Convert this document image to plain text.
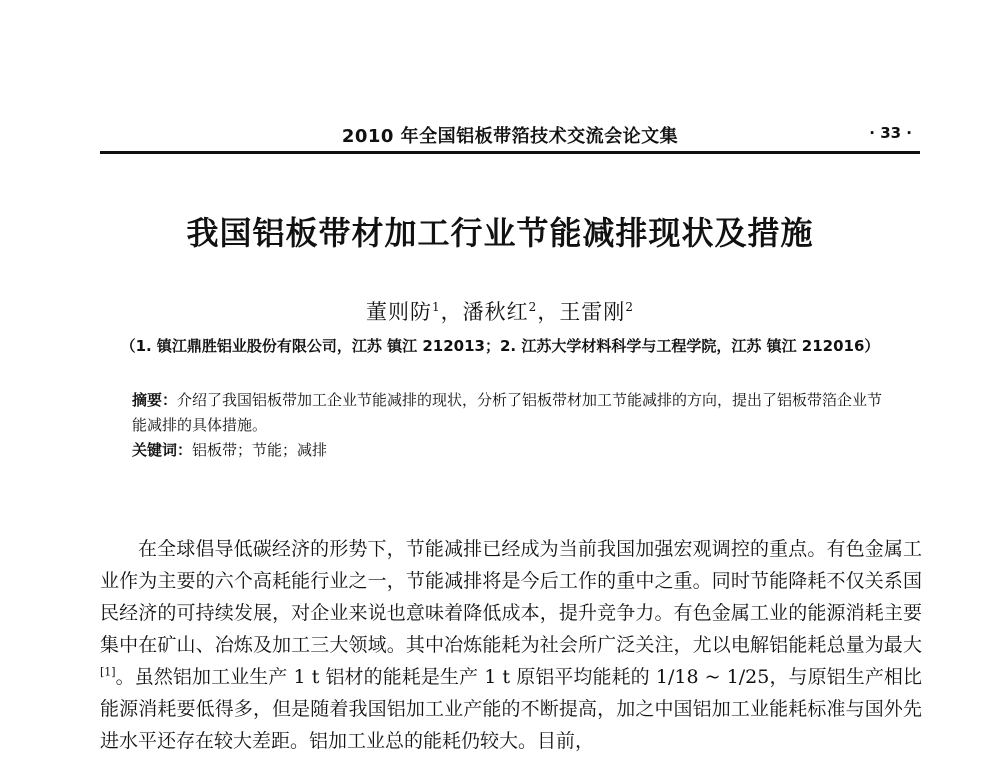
2010 年全国铝板带箔技术交流会论文集	· 33 ·
我国铝板带材加工行业节能减排现状及措施
董则防$^1$，潘秋红$^2$，王雷刚$^2$
（1. 镇江鼎胜铝业股份有限公司，江苏 镇江 212013；2. 江苏大学材料科学与工程学院，江苏 镇江 212016）
摘要：介绍了我国铝板带加工企业节能减排的现状，分析了铝板带材加工节能减排的方向，提出了铝板带箔企业节能减排的具体措施。
关键词：铝板带；节能；减排
在全球倡导低碳经济的形势下，节能减排已经成为当前我国加强宏观调控的重点。有色金属工业作为主要的六个高耗能行业之一，节能减排将是今后工作的重中之重。同时节能降耗不仅关系国民经济的可持续发展，对企业来说也意味着降低成本，提升竞争力。有色金属工业的能源消耗主要集中在矿山、冶炼及加工三大领域。其中冶炼能耗为社会所广泛关注，尤以电解铝能耗总量为最大[1]。虽然铝加工业生产 1 t 铝材的能耗是生产 1 t 原铝平均能耗的 1/18 ~ 1/25，与原铝生产相比能源消耗要低得多，但是随着我国铝加工业产能的不断提高，加之中国铝加工业能耗标准与国外先进水平还存在较大差距。铝加工业总的能耗仍较大。目前，
